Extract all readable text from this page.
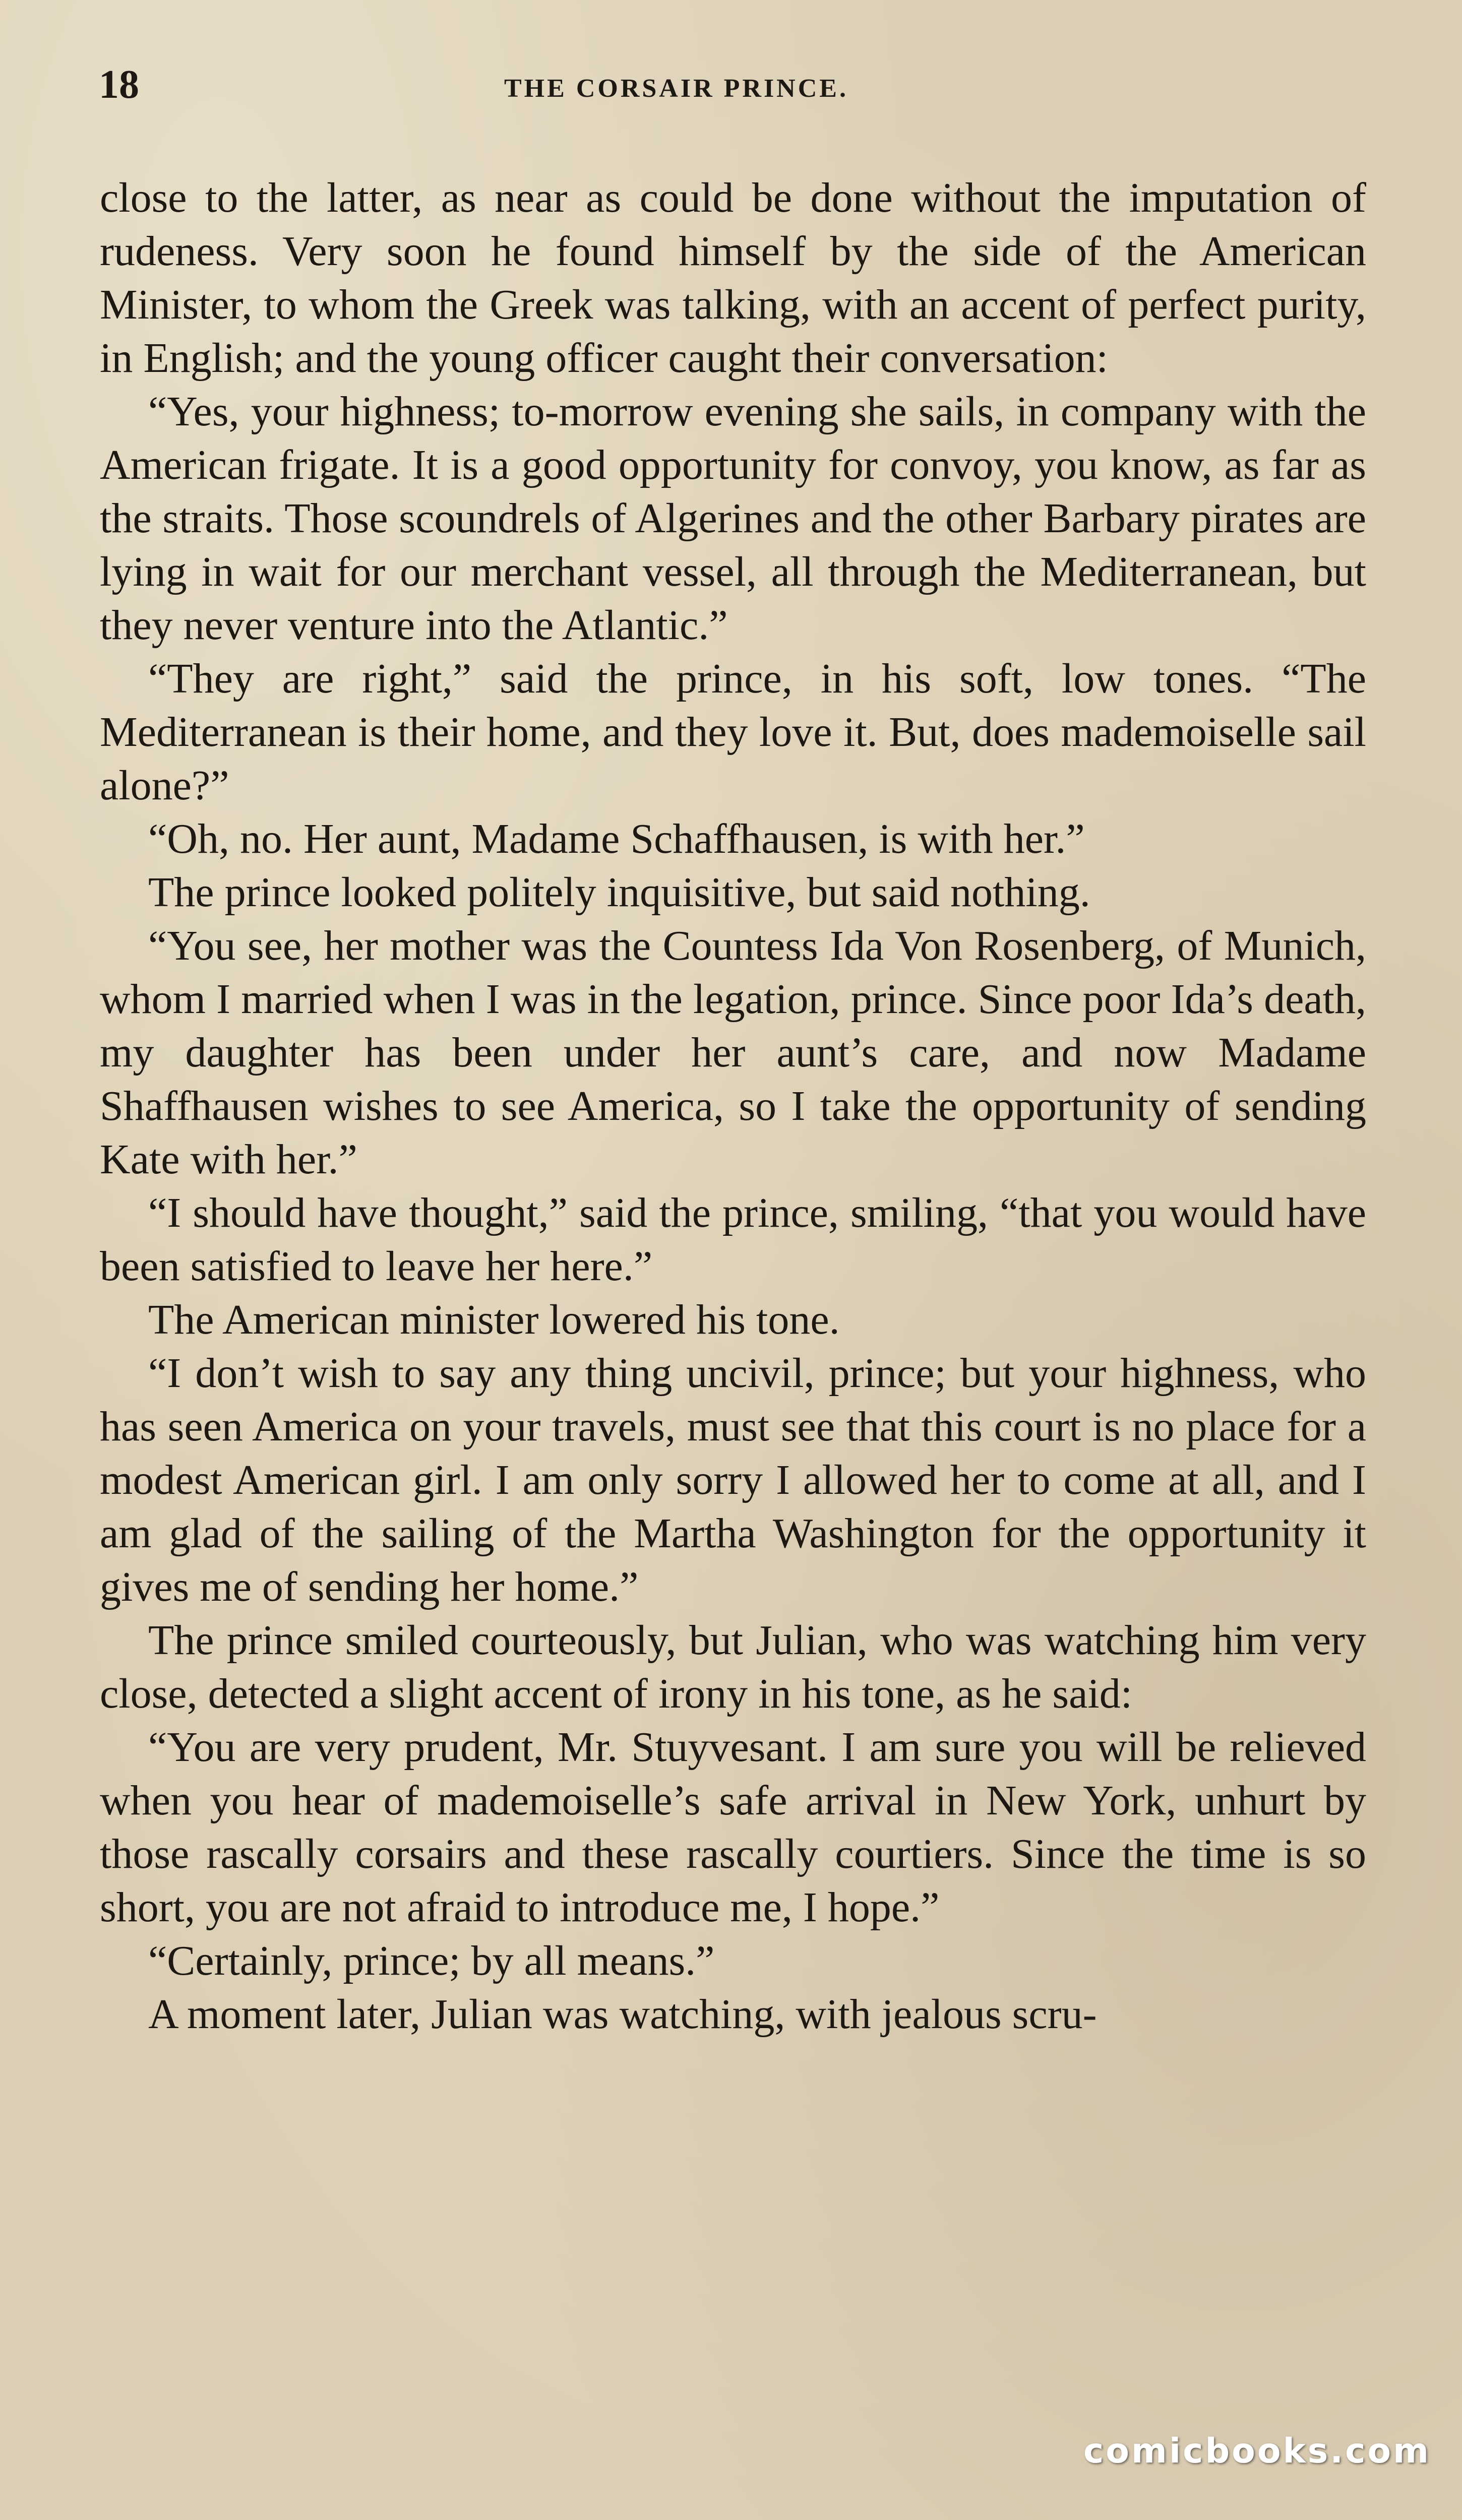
18	THE CORSAIR PRINCE.

close to the latter, as near as could be done without the imputation of rudeness. Very soon he found himself by the side of the American Minister, to whom the Greek was talking, with an accent of perfect purity, in English; and the young officer caught their conversation:

“Yes, your highness; to-morrow evening she sails, in company with the American frigate. It is a good opportunity for convoy, you know, as far as the straits. Those scoundrels of Algerines and the other Barbary pirates are lying in wait for our merchant vessel, all through the Mediterranean, but they never venture into the Atlantic.”

“They are right,” said the prince, in his soft, low tones. “The Mediterranean is their home, and they love it. But, does mademoiselle sail alone?”

“Oh, no. Her aunt, Madame Schaffhausen, is with her.”

The prince looked politely inquisitive, but said nothing.

“You see, her mother was the Countess Ida Von Rosenberg, of Munich, whom I married when I was in the legation, prince. Since poor Ida’s death, my daughter has been under her aunt’s care, and now Madame Shaffhausen wishes to see America, so I take the opportunity of sending Kate with her.”

“I should have thought,” said the prince, smiling, “that you would have been satisfied to leave her here.”

The American minister lowered his tone.

“I don’t wish to say any thing uncivil, prince; but your highness, who has seen America on your travels, must see that this court is no place for a modest American girl. I am only sorry I allowed her to come at all, and I am glad of the sailing of the Martha Washington for the opportunity it gives me of sending her home.”

The prince smiled courteously, but Julian, who was watching him very close, detected a slight accent of irony in his tone, as he said:

“You are very prudent, Mr. Stuyvesant. I am sure you will be relieved when you hear of mademoiselle’s safe arrival in New York, unhurt by those rascally corsairs and these rascally courtiers. Since the time is so short, you are not afraid to introduce me, I hope.”

“Certainly, prince; by all means.”

A moment later, Julian was watching, with jealous scru-

comicbooks.com
